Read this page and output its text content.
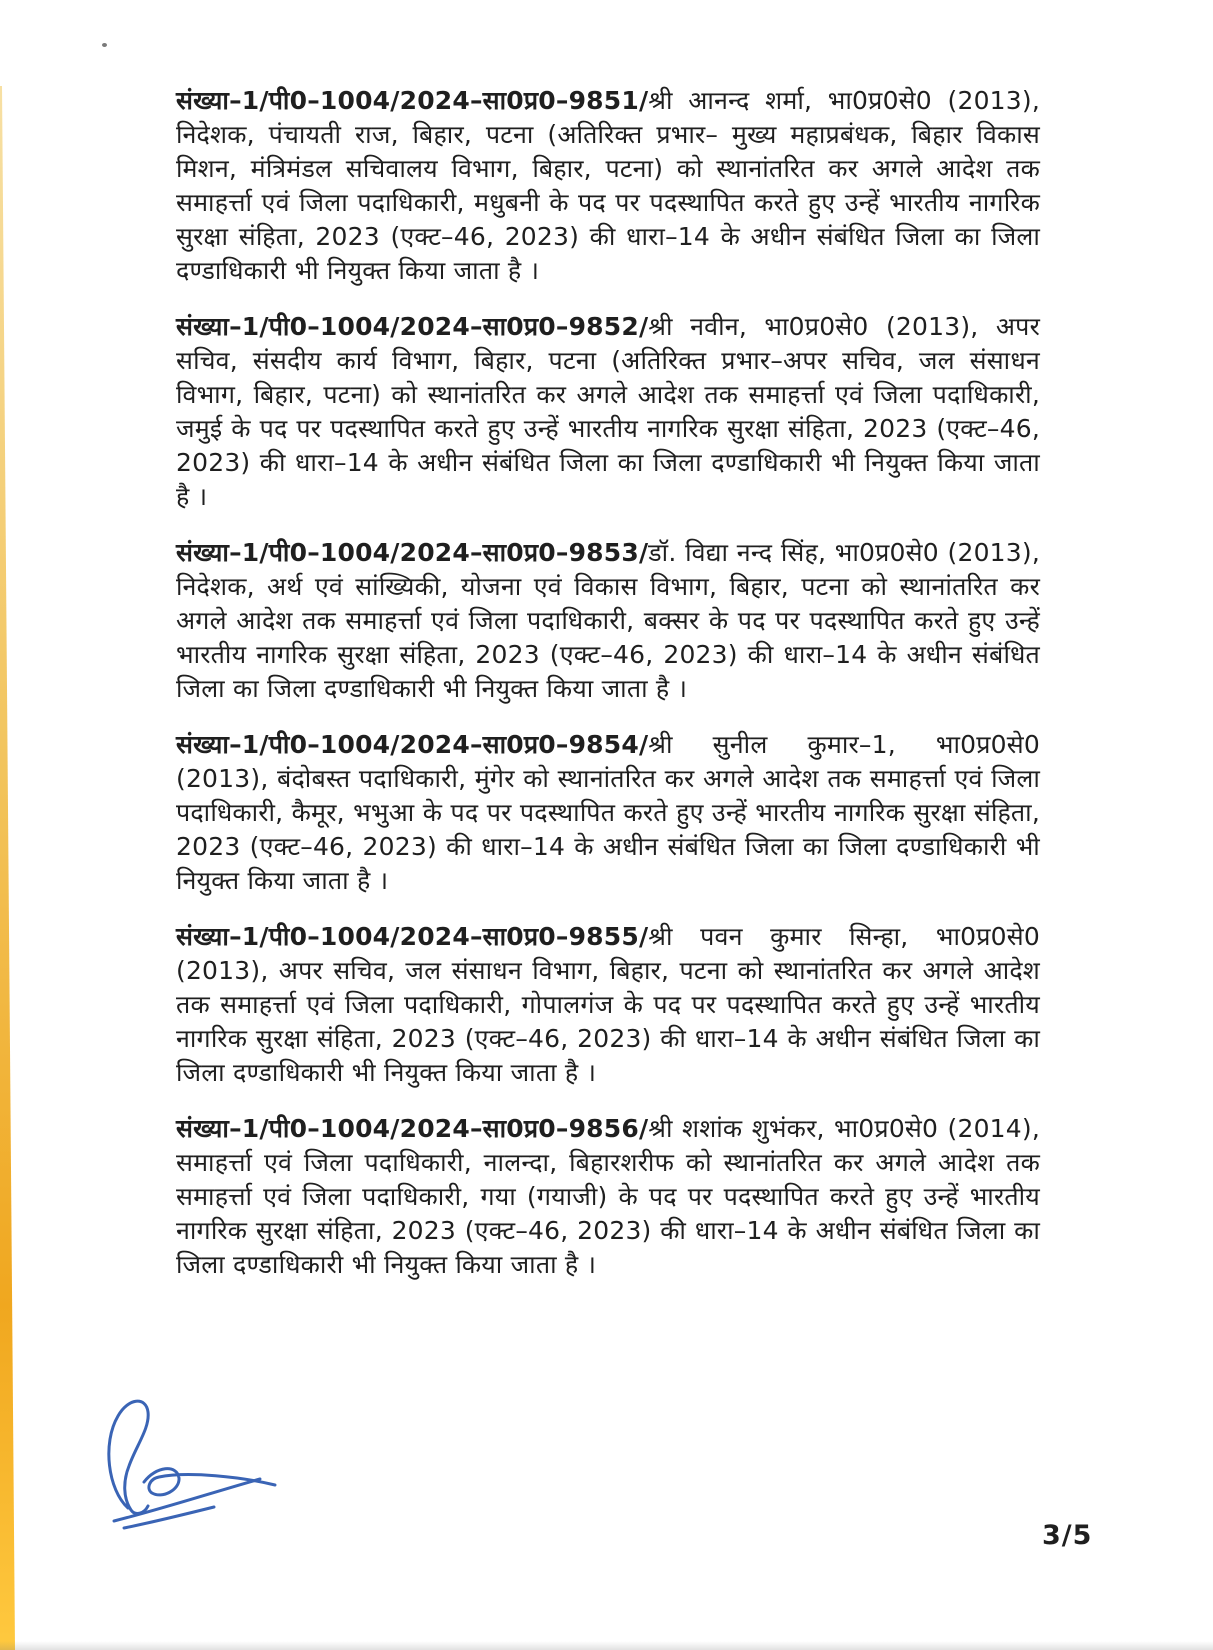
संख्या–1/पी0–1004/2024–सा0प्र0–9851/श्री आनन्द शर्मा, भा0प्र0से0 (2013), निदेशक, पंचायती राज, बिहार, पटना (अतिरिक्त प्रभार– मुख्य महाप्रबंधक, बिहार विकास मिशन, मंत्रिमंडल सचिवालय विभाग, बिहार, पटना) को स्थानांतरित कर अगले आदेश तक समाहर्त्ता एवं जिला पदाधिकारी, मधुबनी के पद पर पदस्थापित करते हुए उन्हें भारतीय नागरिक सुरक्षा संहिता, 2023 (एक्ट–46, 2023) की धारा–14 के अधीन संबंधित जिला का जिला दण्डाधिकारी भी नियुक्त किया जाता है ।

संख्या–1/पी0–1004/2024–सा0प्र0–9852/श्री नवीन, भा0प्र0से0 (2013), अपर सचिव, संसदीय कार्य विभाग, बिहार, पटना (अतिरिक्त प्रभार–अपर सचिव, जल संसाधन विभाग, बिहार, पटना) को स्थानांतरित कर अगले आदेश तक समाहर्त्ता एवं जिला पदाधिकारी, जमुई के पद पर पदस्थापित करते हुए उन्हें भारतीय नागरिक सुरक्षा संहिता, 2023 (एक्ट–46, 2023) की धारा–14 के अधीन संबंधित जिला का जिला दण्डाधिकारी भी नियुक्त किया जाता है ।

संख्या–1/पी0–1004/2024–सा0प्र0–9853/डॉ. विद्या नन्द सिंह, भा0प्र0से0 (2013), निदेशक, अर्थ एवं सांख्यिकी, योजना एवं विकास विभाग, बिहार, पटना को स्थानांतरित कर अगले आदेश तक समाहर्त्ता एवं जिला पदाधिकारी, बक्सर के पद पर पदस्थापित करते हुए उन्हें भारतीय नागरिक सुरक्षा संहिता, 2023 (एक्ट–46, 2023) की धारा–14 के अधीन संबंधित जिला का जिला दण्डाधिकारी भी नियुक्त किया जाता है ।

संख्या–1/पी0–1004/2024–सा0प्र0–9854/श्री सुनील कुमार–1, भा0प्र0से0 (2013), बंदोबस्त पदाधिकारी, मुंगेर को स्थानांतरित कर अगले आदेश तक समाहर्त्ता एवं जिला पदाधिकारी, कैमूर, भभुआ के पद पर पदस्थापित करते हुए उन्हें भारतीय नागरिक सुरक्षा संहिता, 2023 (एक्ट–46, 2023) की धारा–14 के अधीन संबंधित जिला का जिला दण्डाधिकारी भी नियुक्त किया जाता है ।

संख्या–1/पी0–1004/2024–सा0प्र0–9855/श्री पवन कुमार सिन्हा, भा0प्र0से0 (2013), अपर सचिव, जल संसाधन विभाग, बिहार, पटना को स्थानांतरित कर अगले आदेश तक समाहर्त्ता एवं जिला पदाधिकारी, गोपालगंज के पद पर पदस्थापित करते हुए उन्हें भारतीय नागरिक सुरक्षा संहिता, 2023 (एक्ट–46, 2023) की धारा–14 के अधीन संबंधित जिला का जिला दण्डाधिकारी भी नियुक्त किया जाता है ।

संख्या–1/पी0–1004/2024–सा0प्र0–9856/श्री शशांक शुभंकर, भा0प्र0से0 (2014), समाहर्त्ता एवं जिला पदाधिकारी, नालन्दा, बिहारशरीफ को स्थानांतरित कर अगले आदेश तक समाहर्त्ता एवं जिला पदाधिकारी, गया (गयाजी) के पद पर पदस्थापित करते हुए उन्हें भारतीय नागरिक सुरक्षा संहिता, 2023 (एक्ट–46, 2023) की धारा–14 के अधीन संबंधित जिला का जिला दण्डाधिकारी भी नियुक्त किया जाता है ।

3/5
